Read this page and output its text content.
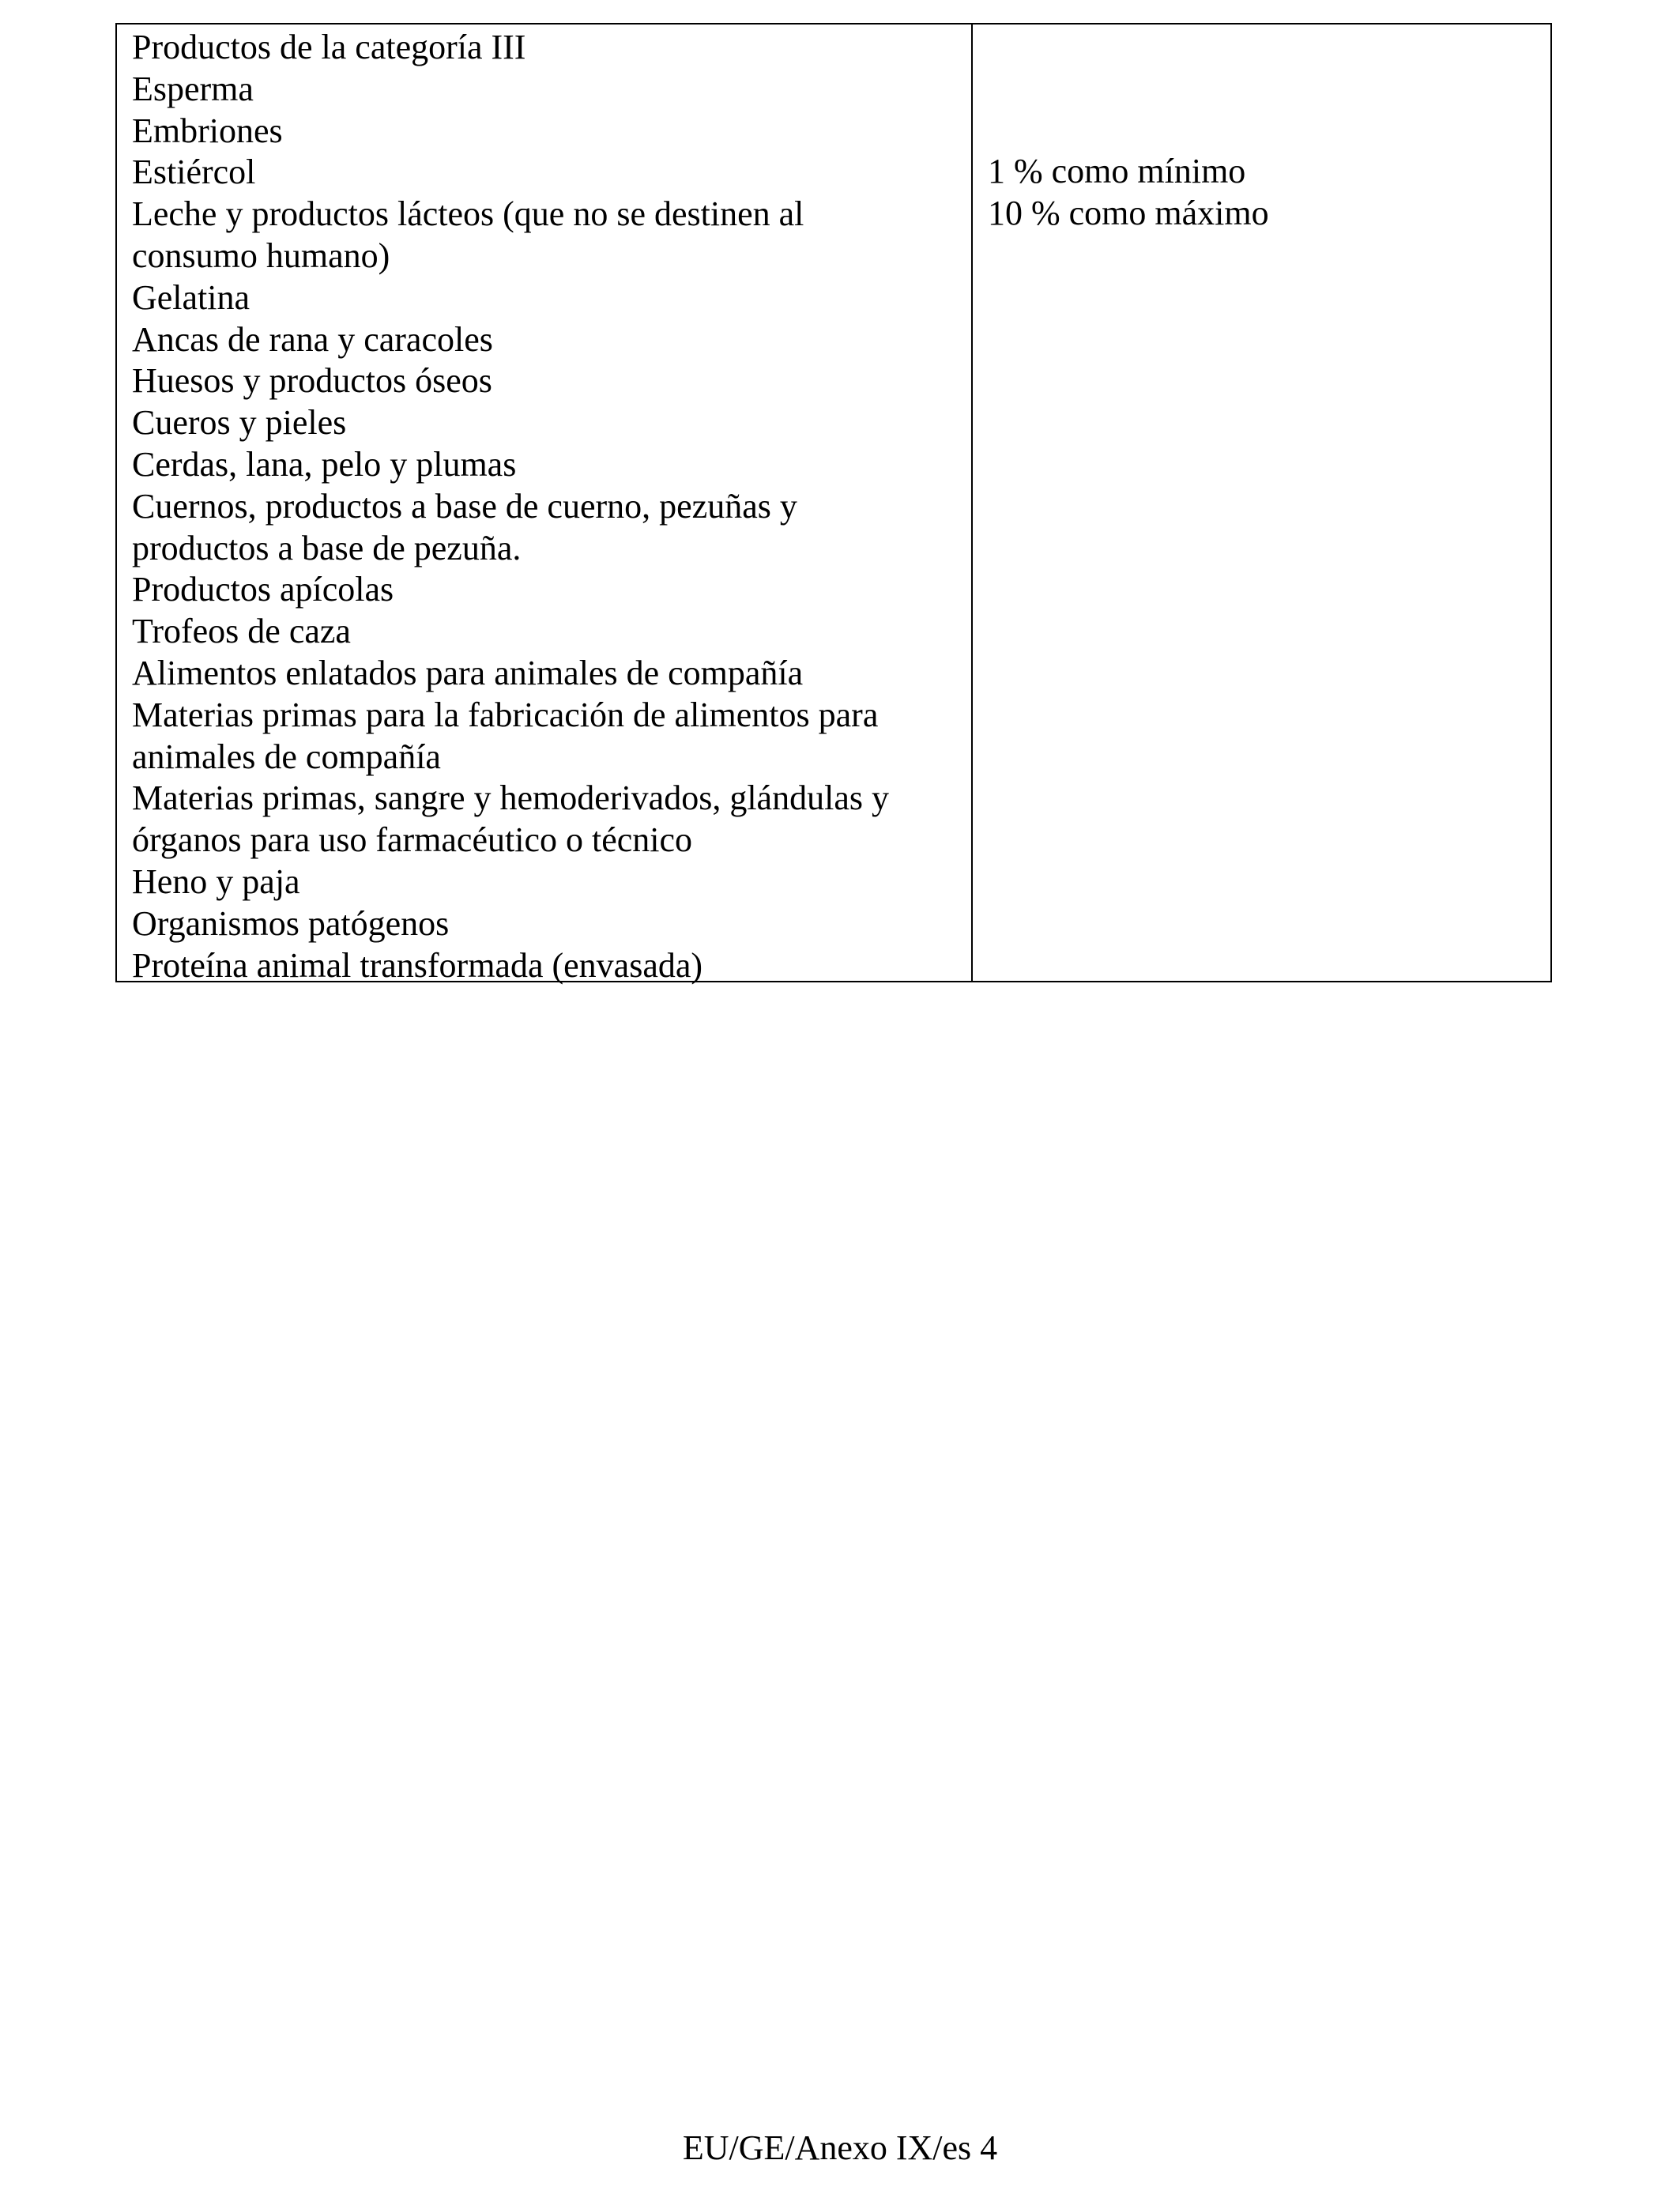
Productos de la categoría III

Esperma

Embriones

Estiércol

Leche y productos lácteos (que no se destinen al

consumo humano)

Gelatina

Ancas de rana y caracoles

Huesos y productos óseos

Cueros y pieles

Cerdas, lana, pelo y plumas

Cuernos, productos a base de cuerno, pezuñas y

productos a base de pezuña.

Productos apícolas

Trofeos de caza

Alimentos enlatados para animales de compañía

Materias primas para la fabricación de alimentos para

animales de compañía

Materias primas, sangre y hemoderivados, glándulas y

órganos para uso farmacéutico o técnico

Heno y paja

Organismos patógenos

Proteína animal transformada (envasada)

1 % como mínimo

10 % como máximo

EU/GE/Anexo IX/es 4
